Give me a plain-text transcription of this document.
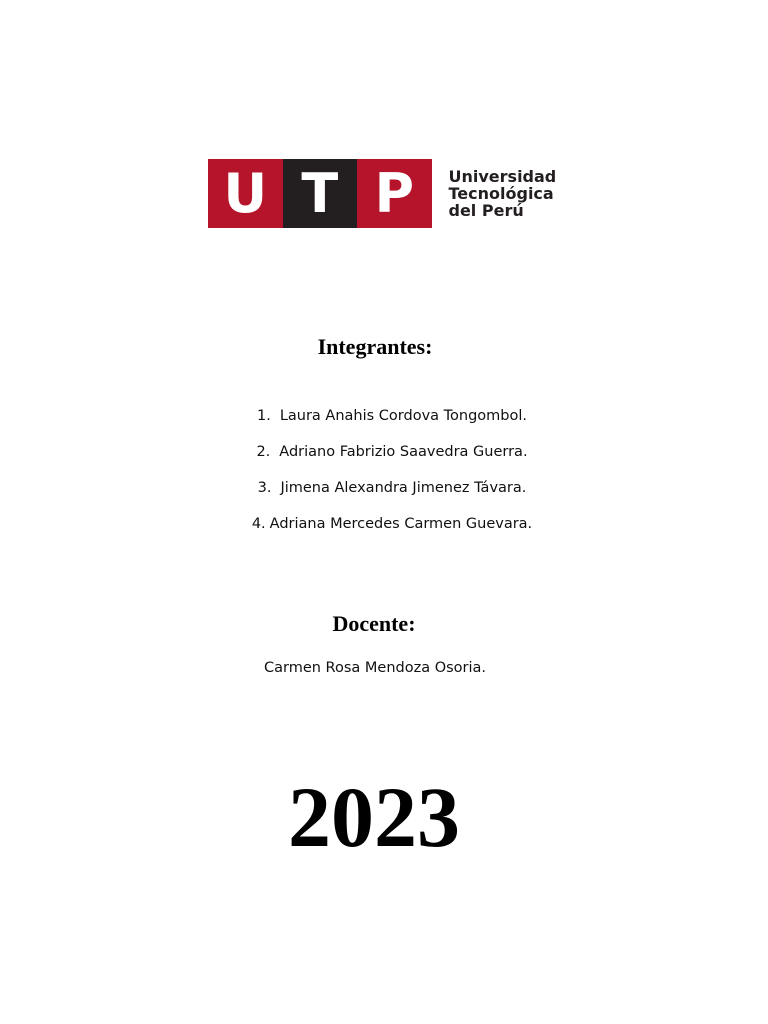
U T P	Universidad
Tecnológica
del Perú
Integrantes:
1. Laura Anahis Cordova Tongombol.
2. Adriano Fabrizio Saavedra Guerra.
3. Jimena Alexandra Jimenez Távara.
4. Adriana Mercedes Carmen Guevara.
Docente:
Carmen Rosa Mendoza Osoria.
2023
